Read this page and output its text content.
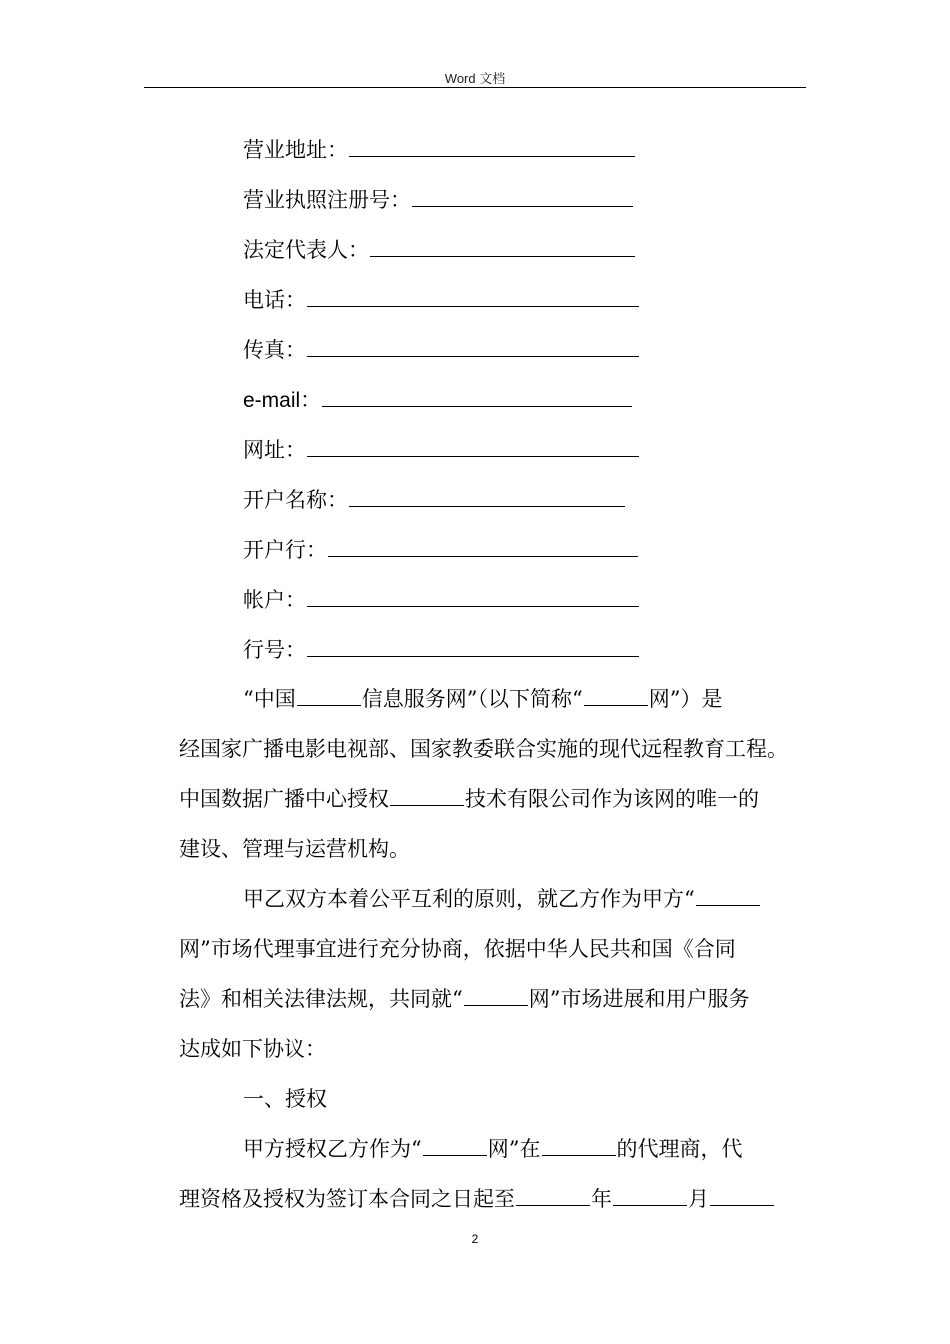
Word 文档
营业地址：
营业执照注册号：
法定代表人：
电话：
传真：
e-mail：
网址：
开户名称：
开户行：
帐户：
行号：
“中国	信息服务网”（以下简称“	网”）是
经国家广播电影电视部、国家教委联合实施的现代远程教育工程。
中国数据广播中心授权	技术有限公司作为该网的唯一的
建设、管理与运营机构。
甲乙双方本着公平互利的原则，就乙方作为甲方“
网”市场代理事宜进行充分协商，依据中华人民共和国《合同
法》和相关法律法规，共同就“	网”市场进展和用户服务
达成如下协议：
一、授权
甲方授权乙方作为“	网”在	的代理商，代
理资格及授权为签订本合同之日起至	年	月
2
